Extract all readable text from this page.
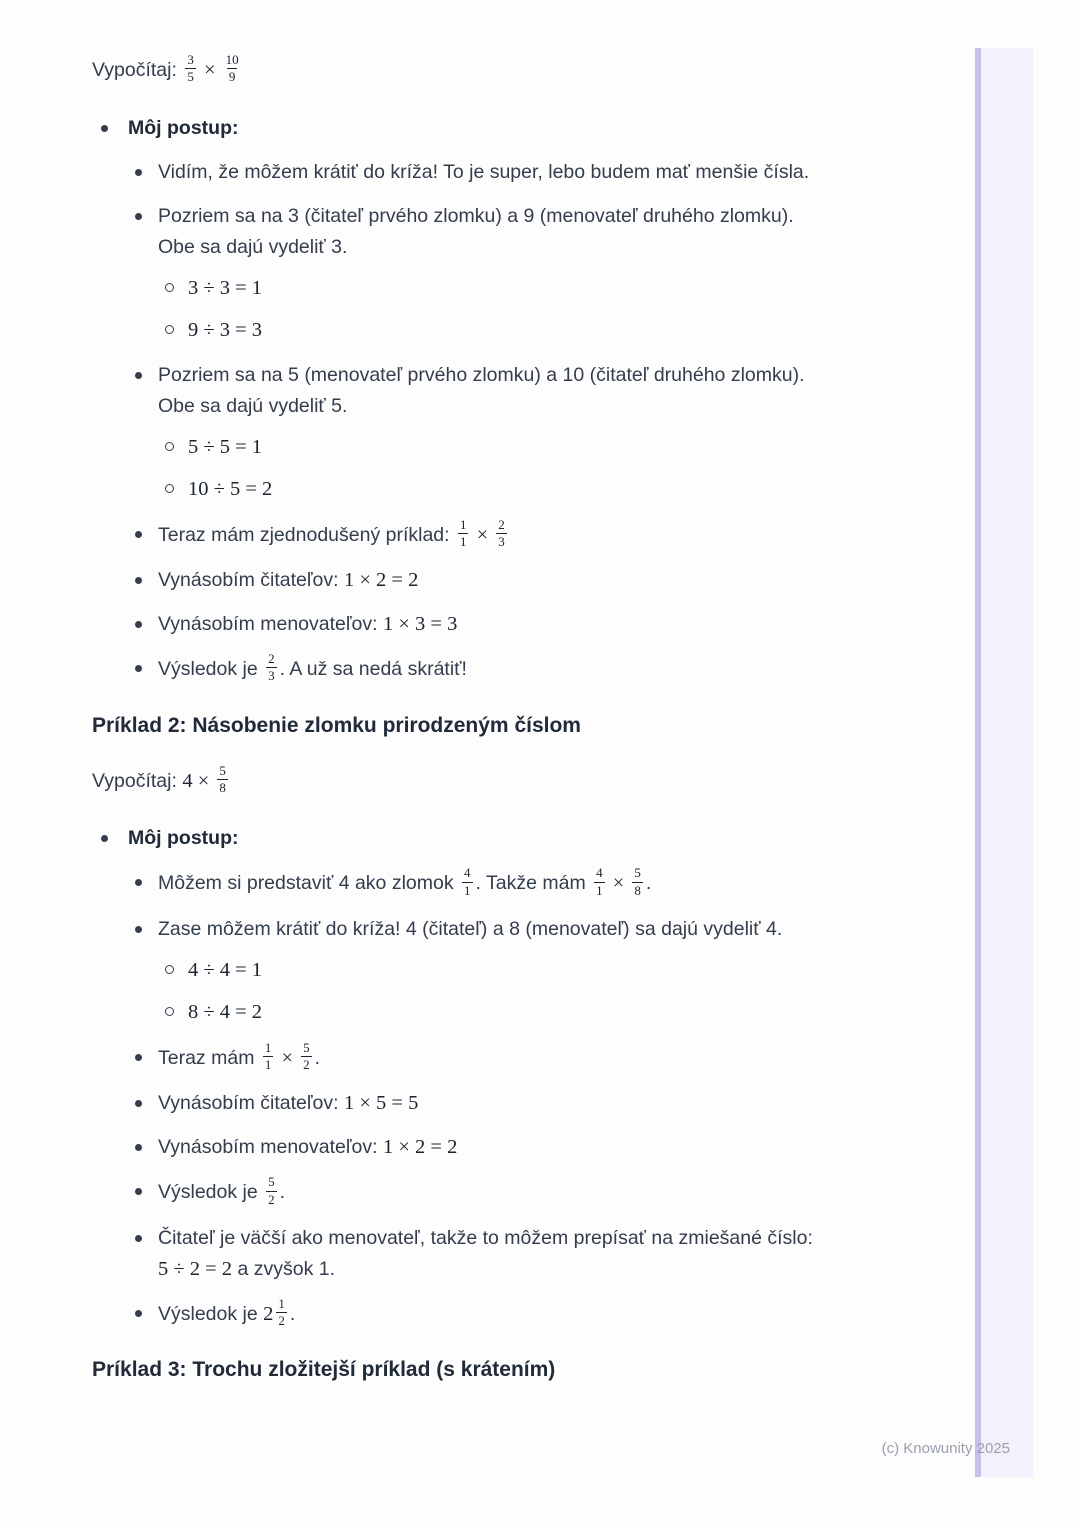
Vypočítaj: $\frac{3}{5} \times \frac{10}{9}$
Môj postup:
Vidím, že môžem krátiť do kríža! To je super, lebo budem mať menšie čísla.
Pozriem sa na 3 (čitateľ prvého zlomku) a 9 (menovateľ druhého zlomku). Obe sa dajú vydeliť 3.
3 ÷ 3 = 1
9 ÷ 3 = 3
Pozriem sa na 5 (menovateľ prvého zlomku) a 10 (čitateľ druhého zlomku). Obe sa dajú vydeliť 5.
5 ÷ 5 = 1
10 ÷ 5 = 2
Teraz mám zjednodušený príklad: $\frac{1}{1} \times \frac{2}{3}$
Vynásobím čitateľov: 1 × 2 = 2
Vynásobím menovateľov: 1 × 3 = 3
Výsledok je $\frac{2}{3}$ . A už sa nedá skrátiť!
Príklad 2: Násobenie zlomku prirodzeným číslom
Vypočítaj: $4 \times \frac{5}{8}$
Môj postup:
Môžem si predstaviť 4 ako zlomok $\frac{4}{1}$ . Takže mám $\frac{4}{1} \times \frac{5}{8}$ .
Zase môžem krátiť do kríža! 4 (čitateľ) a 8 (menovateľ) sa dajú vydeliť 4.
4 ÷ 4 = 1
8 ÷ 4 = 2
Teraz mám $\frac{1}{1} \times \frac{5}{2}$ .
Vynásobím čitateľov: 1 × 5 = 5
Vynásobím menovateľov: 1 × 2 = 2
Výsledok je $\frac{5}{2}$ .
Čitateľ je väčší ako menovateľ, takže to môžem prepísať na zmiešané číslo: 5 ÷ 2 = 2 a zvyšok 1.
Výsledok je $2 \frac{1}{2}$ .
Príklad 3: Trochu zložitejší príklad (s krátením)
(c) Knowunity 2025
